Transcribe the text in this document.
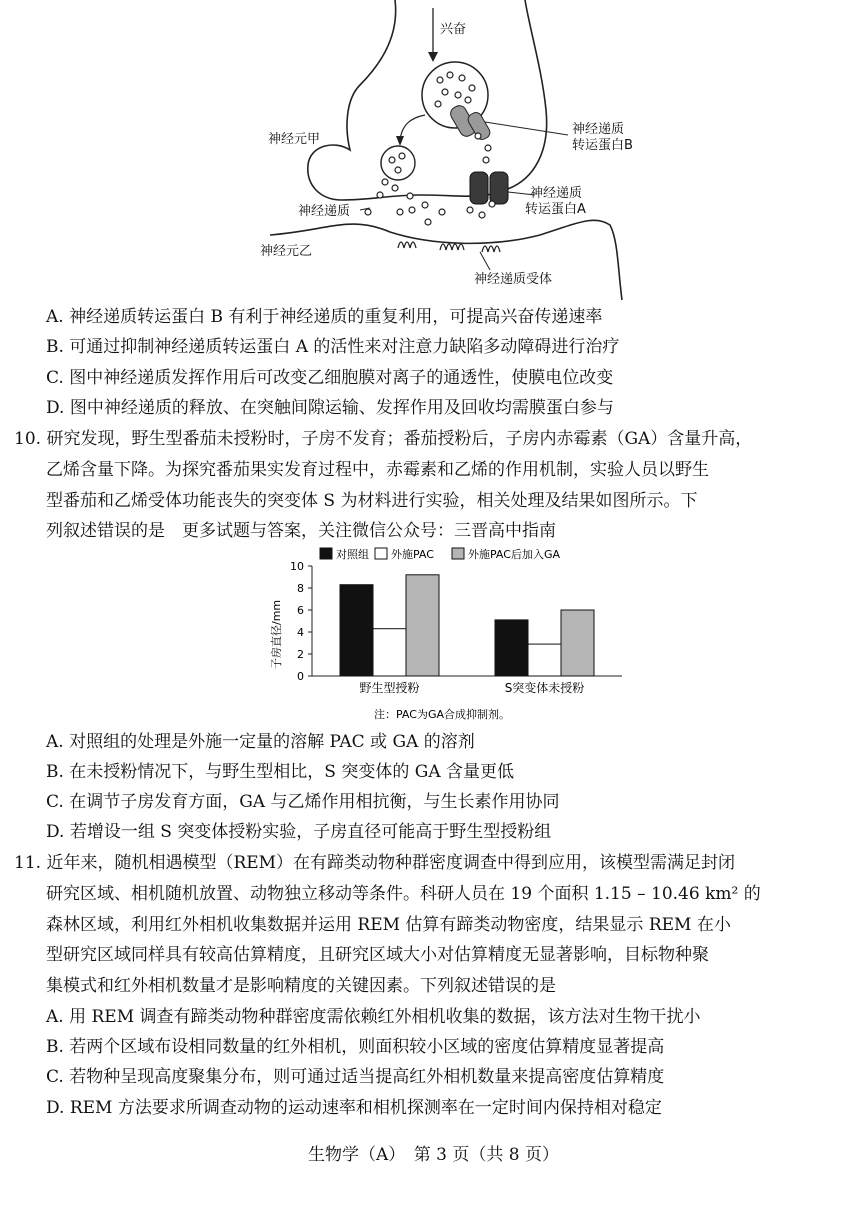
兴奋
神经元甲
神经递质
神经元乙
神经递质
转运蛋白B
神经递质
转运蛋白A
神经递质受体
A. 神经递质转运蛋白 B 有利于神经递质的重复利用，可提高兴奋传递速率
B. 可通过抑制神经递质转运蛋白 A 的活性来对注意力缺陷多动障碍进行治疗
C. 图中神经递质发挥作用后可改变乙细胞膜对离子的通透性，使膜电位改变
D. 图中神经递质的释放、在突触间隙运输、发挥作用及回收均需膜蛋白参与
10. 研究发现，野生型番茄未授粉时，子房不发育；番茄授粉后，子房内赤霉素（GA）含量升高，
乙烯含量下降。为探究番茄果实发育过程中，赤霉素和乙烯的作用机制，实验人员以野生
型番茄和乙烯受体功能丧失的突变体 S 为材料进行实验，相关处理及结果如图所示。下
列叙述错误的是　更多试题与答案，关注微信公众号：三晋高中指南
对照组 外施PAC	外施PAC后加入GA
0
2
4
6
8
10
野生型授粉	S突变体未授粉
子房直径/mm
注：PAC为GA合成抑制剂。
A. 对照组的处理是外施一定量的溶解 PAC 或 GA 的溶剂
B. 在未授粉情况下，与野生型相比，S 突变体的 GA 含量更低
C. 在调节子房发育方面，GA 与乙烯作用相抗衡，与生长素作用协同
D. 若增设一组 S 突变体授粉实验，子房直径可能高于野生型授粉组
11. 近年来，随机相遇模型（REM）在有蹄类动物种群密度调查中得到应用，该模型需满足封闭
研究区域、相机随机放置、动物独立移动等条件。科研人员在 19 个面积 1.15 – 10.46 km² 的
森林区域，利用红外相机收集数据并运用 REM 估算有蹄类动物密度，结果显示 REM 在小
型研究区域同样具有较高估算精度，且研究区域大小对估算精度无显著影响，目标物种聚
集模式和红外相机数量才是影响精度的关键因素。下列叙述错误的是
A. 用 REM 调查有蹄类动物种群密度需依赖红外相机收集的数据，该方法对生物干扰小
B. 若两个区域布设相同数量的红外相机，则面积较小区域的密度估算精度显著提高
C. 若物种呈现高度聚集分布，则可通过适当提高红外相机数量来提高密度估算精度
D. REM 方法要求所调查动物的运动速率和相机探测率在一定时间内保持相对稳定
生物学（A）　第 3 页（共 8 页）
